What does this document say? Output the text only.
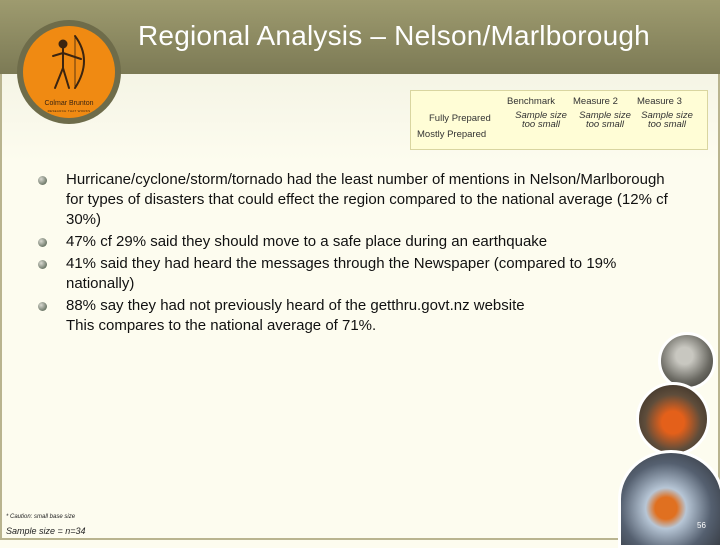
Regional Analysis – Nelson/Marlborough
Colmar Brunton
RESEARCH THAT WORKS
Benchmark Measure 2 Measure 3
Fully Prepared
Mostly Prepared
Sample size too small
Sample size too small
Sample size too small
Hurricane/cyclone/storm/tornado had the least number of mentions in Nelson/Marlborough for types of disasters that could effect the region compared to the national average (12% cf 30%)
47% cf 29% said they should move to a safe place during an earthquake
41% said they had heard the messages through the Newspaper (compared to 19% nationally)
88% say they had not previously heard of the getthru.govt.nz website
This compares to the national average of 71%.
* Caution: small base size
Sample size = n=34
56
